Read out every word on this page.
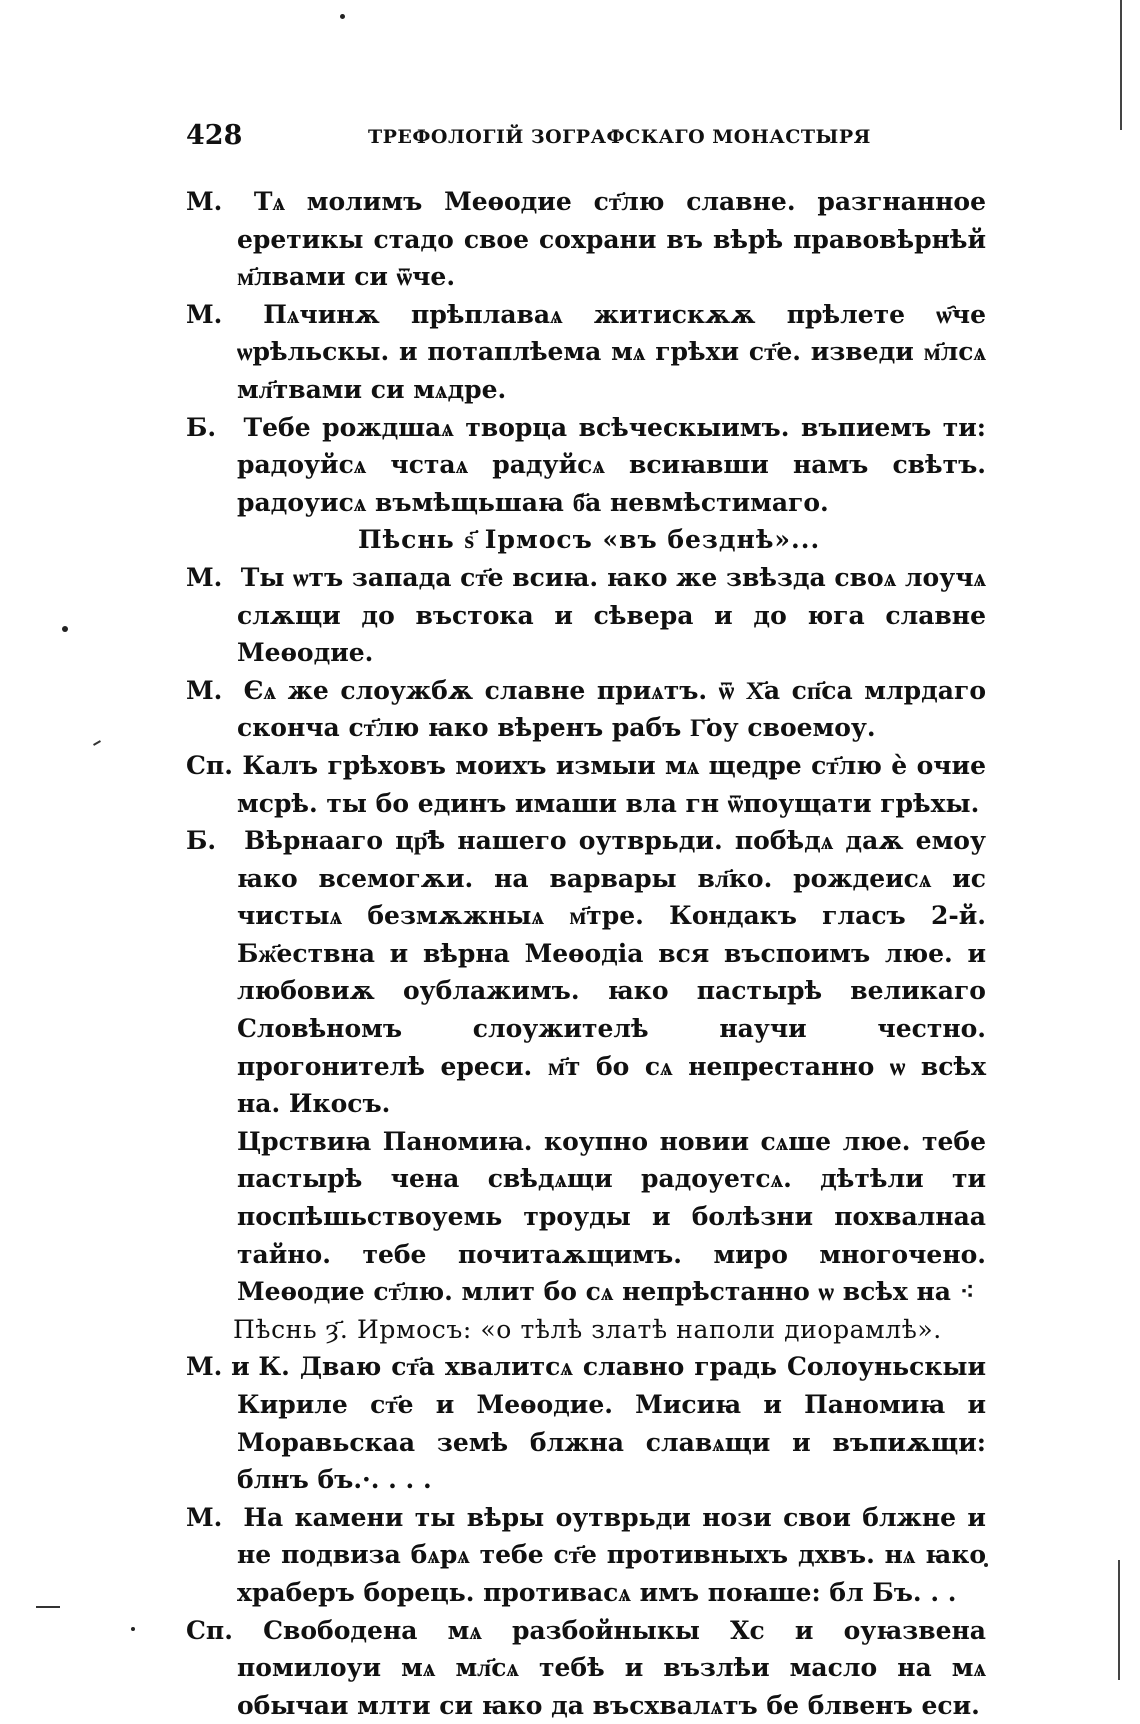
428	ТРЕФОЛОГІЙ ЗОГРАФСКАГО МОНАСТЫРЯ

М. Тѧ молимъ Меѳодие ст҃лю славне. разгнанное еретикы стадо свое сохрани въ вѣрѣ правовѣрнѣй м҃лвами си ѿче.

М. Пѧчинѫ прѣплаваѧ житискѫѫ прѣлете ѡ҄че ѡрѣльскы. и потаплѣема мѧ грѣхи ст҃е. изведи м҃лсѧ мл҃твами си мѧдре.

Б. Тебе рождшаѧ творца всѣческыимъ. въпиемъ ти: радоуйсѧ чстаѧ радуйсѧ всиꙗвши намъ свѣтъ. радоуисѧ въмѣщьшаꙗ б҃а невмѣстимаго.

Пѣснь ѕ҃ Ірмосъ «въ безднѣ»...

М. Ты ѡтъ запада ст҃е всиꙗ. ꙗко же звѣзда своѧ лоучѧ слѫщи до въстока и сѣвера и до юга славне Меѳодие.

М. Єѧ же слоужбѫ славне приѧтъ. ѿ Х҃а сп҃са млрдаго скончa ст҃лю ꙗко вѣренъ рабъ Г҃оу своемоу.

Сп. Калъ грѣховъ моихъ измыи мѧ щедре ст҃лю ѐ очие мсрѣ. ты бо единъ имаши вла гн ѿпоущати грѣхы.

Б. Вѣрнааго цр҃ѣ нашего оутврьди. побѣдѧ даѫ емоу ꙗко всемогѫи. на варвары вл҃ко. рождеисѧ ис чистыѧ безмѫжныѧ м҃тре. Кондакъ гласъ 2-й. Бж҃ествна и вѣрна Меѳодіа вся въспоимъ люе. и любовиѫ оублажимъ. ꙗко пастырѣ великаго Словѣномъ слоужителѣ научи честно. прогонителѣ ереси. м҃т бо сѧ непрестанно ѡ всѣх на. Икосъ.

Црствиꙗ Паномиꙗ. коупно новии сѧше люе. тебе пастырѣ чена свѣдѧщи радоуетсѧ. дѣтѣли ти поспѣшьствоуемь троуды и болѣзни похвалнаа тайно. тебе почитаѫщимъ. миро многочено. Меѳодие ст҃лю. млит бо сѧ непрѣстанно ѡ всѣх на ⁖

Пѣснь ȝ҃. Ирмосъ: «о тѣлѣ златѣ наполи диорамлѣ».

М. и К. Двaю ст҃а хвалитсѧ славно градь Солоуньскыи Кириле ст҃е и Меѳодие. Мисиꙗ и Паномиꙗ и Моравьскаа земѣ блжна славѧщи и въпиѫщи: блнъ бъ.·. . . .

М. На камени ты вѣры оутврьди нози свои блжне и не подвиза бѧрѧ тебе ст҃е противныхъ дхвъ. нѧ ꙗко храберъ борець. противасѧ имъ поꙗше: бл Бъ. . .

Сп. Свободена мѧ разбойныкы Хс и оуꙗзвена помилоуи мѧ мл҃сѧ тебѣ и възлѣи масло на мѧ обычаи млти си ꙗко да въсхвалѧтъ бе блвенъ еси.
